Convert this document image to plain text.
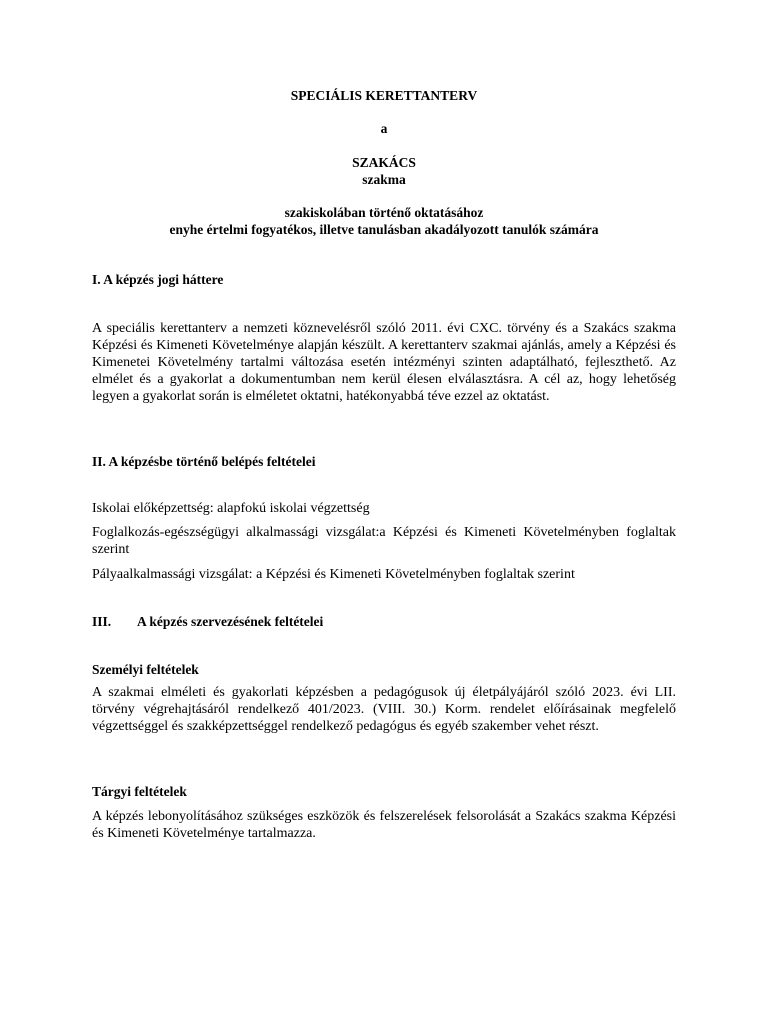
SPECIÁLIS KERETTANTERV

a

SZAKÁCS

szakma

szakiskolában történő oktatásához

enyhe értelmi fogyatékos, illetve tanulásban akadályozott tanulók számára

I. A képzés jogi háttere

A speciális kerettanterv a nemzeti köznevelésről szóló 2011. évi CXC. törvény és a Szakács szakma Képzési és Kimeneti Követelménye alapján készült. A kerettanterv szakmai ajánlás, amely a Képzési és Kimenetei Követelmény tartalmi változása esetén intézményi szinten adaptálható, fejleszthető. Az elmélet és a gyakorlat a dokumentumban nem kerül élesen elválasztásra. A cél az, hogy lehetőség legyen a gyakorlat során is elméletet oktatni, hatékonyabbá téve ezzel az oktatást.

II. A képzésbe történő belépés feltételei

Iskolai előképzettség: alapfokú iskolai végzettség

Foglalkozás-egészségügyi alkalmassági vizsgálat:a Képzési és Kimeneti Követelményben foglaltak szerint

Pályaalkalmassági vizsgálat: a Képzési és Kimeneti Követelményben foglaltak szerint

III. A képzés szervezésének feltételei

Személyi feltételek

A szakmai elméleti és gyakorlati képzésben a pedagógusok új életpályájáról szóló 2023. évi LII. törvény végrehajtásáról rendelkező 401/2023. (VIII. 30.) Korm. rendelet előírásainak megfelelő végzettséggel és szakképzettséggel rendelkező pedagógus és egyéb szakember vehet részt.

Tárgyi feltételek

A képzés lebonyolításához szükséges eszközök és felszerelések felsorolását a Szakács szakma Képzési és Kimeneti Követelménye tartalmazza.
